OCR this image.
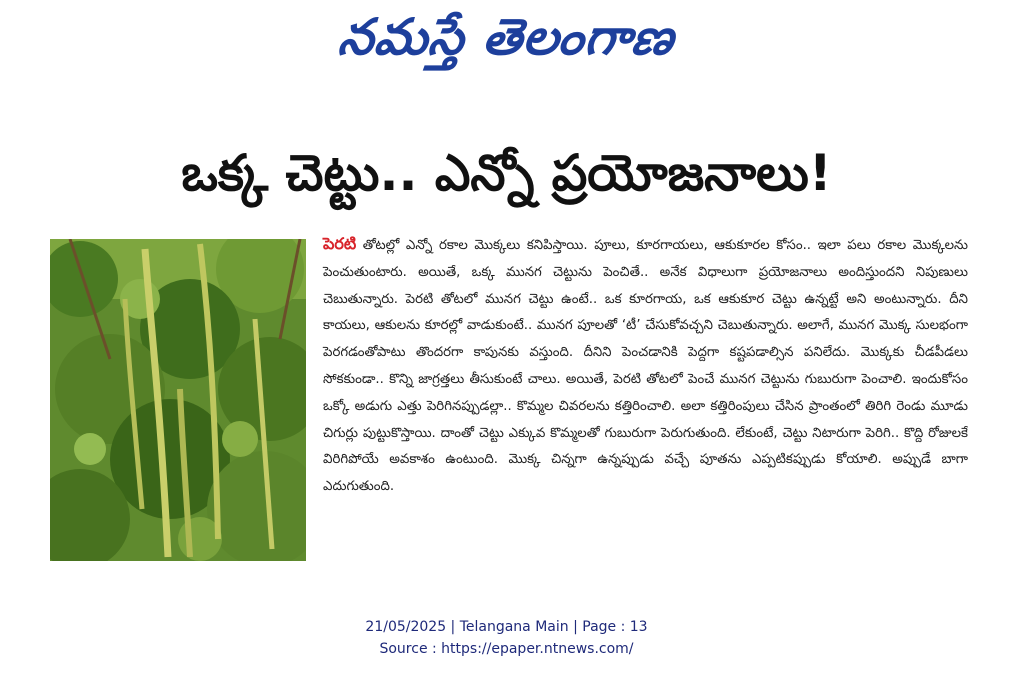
నమస్తే తెలంగాణ
ఒక్క చెట్టు.. ఎన్నో ప్రయోజనాలు!
పెరటి తోటల్లో ఎన్నో రకాల మొక్కలు కనిపిస్తాయి. పూలు, కూరగాయలు, ఆకుకూరల కోసం.. ఇలా పలు రకాల మొక్కలను పెంచుతుంటారు. అయితే, ఒక్క మునగ చెట్టును పెంచితే.. అనేక విధాలుగా ప్రయోజనాలు అందిస్తుందని నిపుణులు చెబుతున్నారు. పెరటి తోటలో మునగ చెట్టు ఉంటే.. ఒక కూరగాయ, ఒక ఆకుకూర చెట్టు ఉన్నట్టే అని అంటున్నారు. దీని కాయలు, ఆకులను కూరల్లో వాడుకుంటే.. మునగ పూలతో ‘టీ’ చేసుకోవచ్చని చెబుతున్నారు. అలాగే, మునగ మొక్క సులభంగా పెరగడంతోపాటు తొందరగా కాపునకు వస్తుంది. దీనిని పెంచడానికి పెద్దగా కష్టపడాల్సిన పనిలేదు. మొక్కకు చీడపీడలు సోకకుండా.. కొన్ని జాగ్రత్తలు తీసుకుంటే చాలు. అయితే, పెరటి తోటలో పెంచే మునగ చెట్టును గుబురుగా పెంచాలి. ఇందుకోసం ఒక్కో అడుగు ఎత్తు పెరిగినప్పుడల్లా.. కొమ్మల చివరలను కత్తిరించాలి. అలా కత్తిరింపులు చేసిన ప్రాంతంలో తిరిగి రెండు మూడు చిగుర్లు పుట్టుకొస్తాయి. దాంతో చెట్టు ఎక్కువ కొమ్మలతో గుబురుగా పెరుగుతుంది. లేకుంటే, చెట్టు నిటారుగా పెరిగి.. కొద్ది రోజులకే విరిగిపోయే అవకాశం ఉంటుంది. మొక్క చిన్నగా ఉన్నప్పుడు వచ్చే పూతను ఎప్పటికప్పుడు కోయాలి. అప్పుడే బాగా ఎదుగుతుంది.
21/05/2025 | Telangana Main | Page : 13
Source : https://epaper.ntnews.com/
